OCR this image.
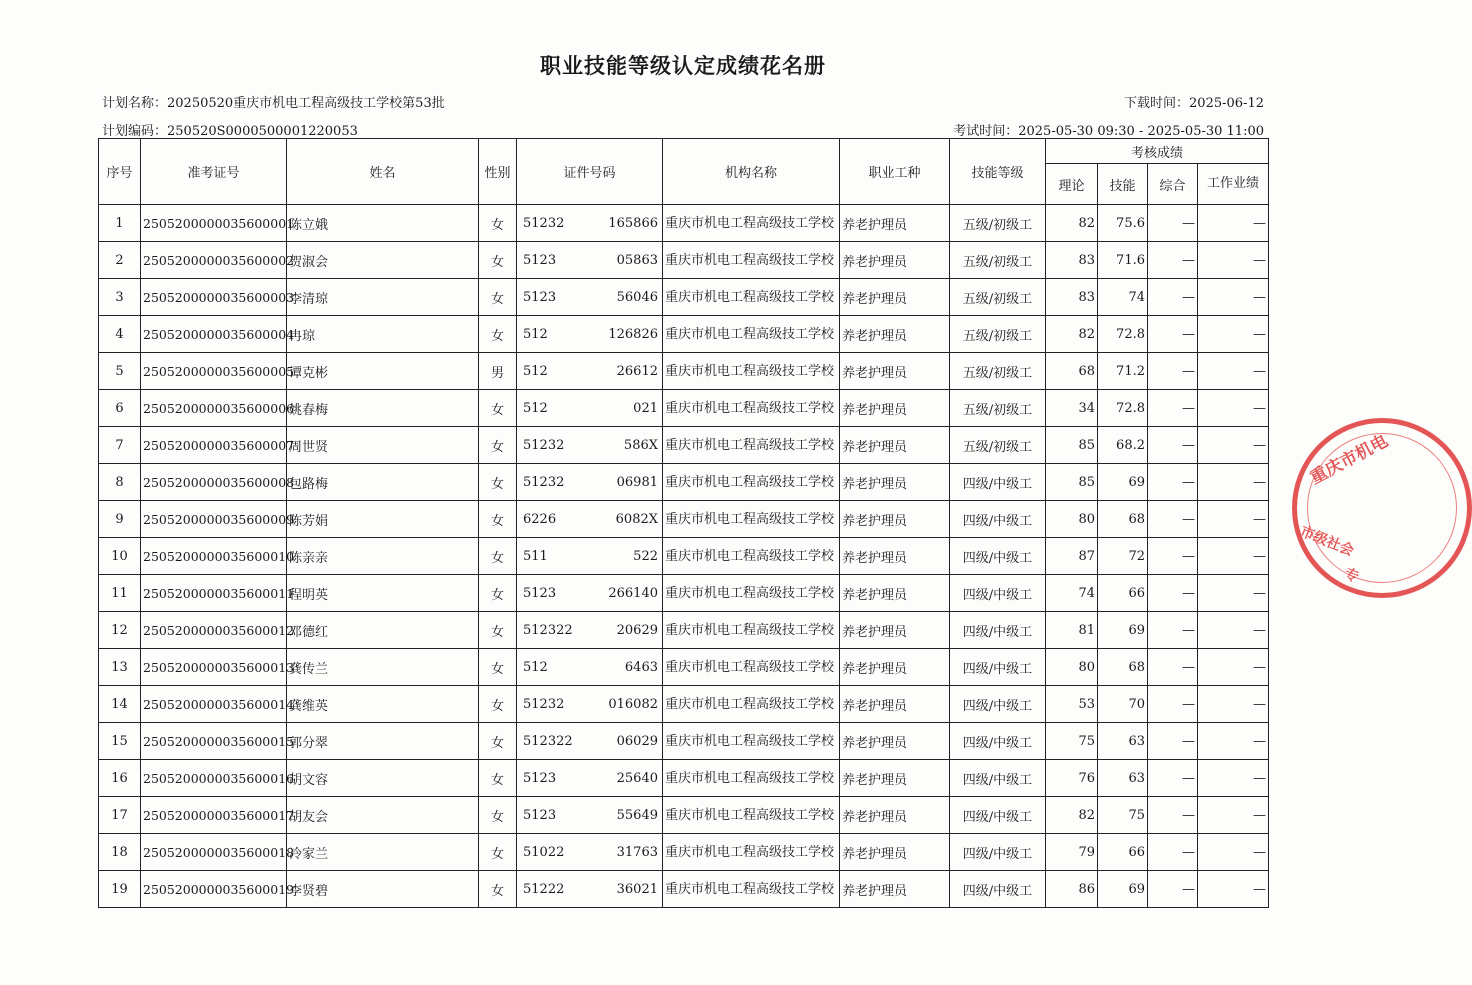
职业技能等级认定成绩花名册
计划名称：20250520重庆市机电工程高级技工学校第53批
计划编码：250520S000050000122005​3
下载时间：2025-06-12
考试时间：2025-05-30 09:30 - 2025-05-30 11:00
序号	准考证号	姓名	性别	证件号码	机构名称	职业工种	技能等级	考核成绩			
								理论	技能	综合	工作业绩
1	2505200000035600001	陈立娥	女	51232 165866	重庆市机电工程高级技工学校	养老护理员	五级/初级工	82	75.6	—	—
2	2505200000035600002	贺淑会	女	5123 05863	重庆市机电工程高级技工学校	养老护理员	五级/初级工	83	71.6	—	—
3	2505200000035600003	李清琼	女	5123 56046	重庆市机电工程高级技工学校	养老护理员	五级/初级工	83	74	—	—
4	2505200000035600004	冉琼	女	512 126826	重庆市机电工程高级技工学校	养老护理员	五级/初级工	82	72.8	—	—
5	2505200000035600005	谭克彬	男	512 26612	重庆市机电工程高级技工学校	养老护理员	五级/初级工	68	71.2	—	—
6	2505200000035600006	姚春梅	女	512 021	重庆市机电工程高级技工学校	养老护理员	五级/初级工	34	72.8	—	—
7	2505200000035600007	周世贤	女	51232 586X	重庆市机电工程高级技工学校	养老护理员	五级/初级工	85	68.2	—	—
8	2505200000035600008	包路梅	女	51232 06981	重庆市机电工程高级技工学校	养老护理员	四级/中级工	85	69	—	—
9	2505200000035600009	陈芳娟	女	6226 6082X	重庆市机电工程高级技工学校	养老护理员	四级/中级工	80	68	—	—
10	2505200000035600010	陈亲亲	女	511 522	重庆市机电工程高级技工学校	养老护理员	四级/中级工	87	72	—	—
11	2505200000035600011	程明英	女	5123 266140	重庆市机电工程高级技工学校	养老护理员	四级/中级工	74	66	—	—
12	2505200000035600012	邓德红	女	512322 20629	重庆市机电工程高级技工学校	养老护理员	四级/中级工	81	69	—	—
13	2505200000035600013	龚传兰	女	512 6463	重庆市机电工程高级技工学校	养老护理员	四级/中级工	80	68	—	—
14	2505200000035600014	龚维英	女	51232 016082	重庆市机电工程高级技工学校	养老护理员	四级/中级工	53	70	—	—
15	2505200000035600015	郭分翠	女	512322 06029	重庆市机电工程高级技工学校	养老护理员	四级/中级工	75	63	—	—
16	2505200000035600016	胡文容	女	5123 25640	重庆市机电工程高级技工学校	养老护理员	四级/中级工	76	63	—	—
17	2505200000035600017	胡友会	女	5123 55649	重庆市机电工程高级技工学校	养老护理员	四级/中级工	82	75	—	—
18	2505200000035600018	冷家兰	女	51022 31763	重庆市机电工程高级技工学校	养老护理员	四级/中级工	79	66	—	—
19	2505200000035600019	李贤碧	女	51222 36021	重庆市机电工程高级技工学校	养老护理员	四级/中级工	86	69	—	—
重庆市机电
市级社会
专
